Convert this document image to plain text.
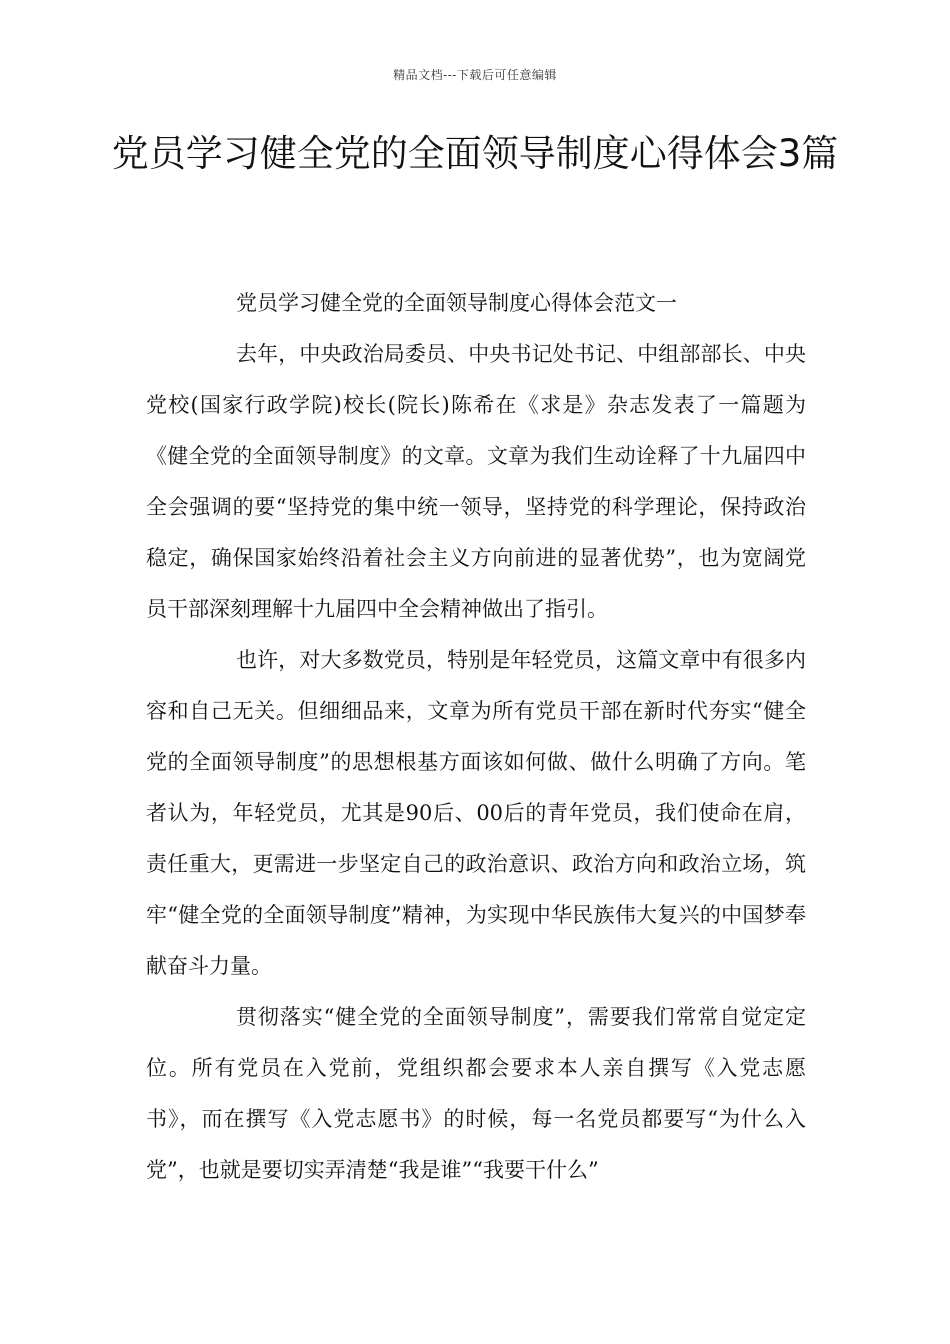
精品文档---下载后可任意编辑
党员学习健全党的全面领导制度心得体会3篇

党员学习健全党的全面领导制度心得体会范文一

去年，中央政治局委员、中央书记处书记、中组部部长、中央党校(国家行政学院)校长(院长)陈希在《求是》杂志发表了一篇题为《健全党的全面领导制度》的文章。文章为我们生动诠释了十九届四中全会强调的要“坚持党的集中统一领导，坚持党的科学理论，保持政治稳定，确保国家始终沿着社会主义方向前进的显著优势”，也为宽阔党员干部深刻理解十九届四中全会精神做出了指引。

也许，对大多数党员，特别是年轻党员，这篇文章中有很多内容和自己无关。但细细品来，文章为所有党员干部在新时代夯实“健全党的全面领导制度”的思想根基方面该如何做、做什么明确了方向。笔者认为，年轻党员，尤其是90后、00后的青年党员，我们使命在肩，责任重大，更需进一步坚定自己的政治意识、政治方向和政治立场，筑牢“健全党的全面领导制度”精神，为实现中华民族伟大复兴的中国梦奉献奋斗力量。

贯彻落实“健全党的全面领导制度”，需要我们常常自觉定定位。所有党员在入党前，党组织都会要求本人亲自撰写《入党志愿书》，而在撰写《入党志愿书》的时候，每一名党员都要写“为什么入党”，也就是要切实弄清楚“我是谁”“我要干什么”
